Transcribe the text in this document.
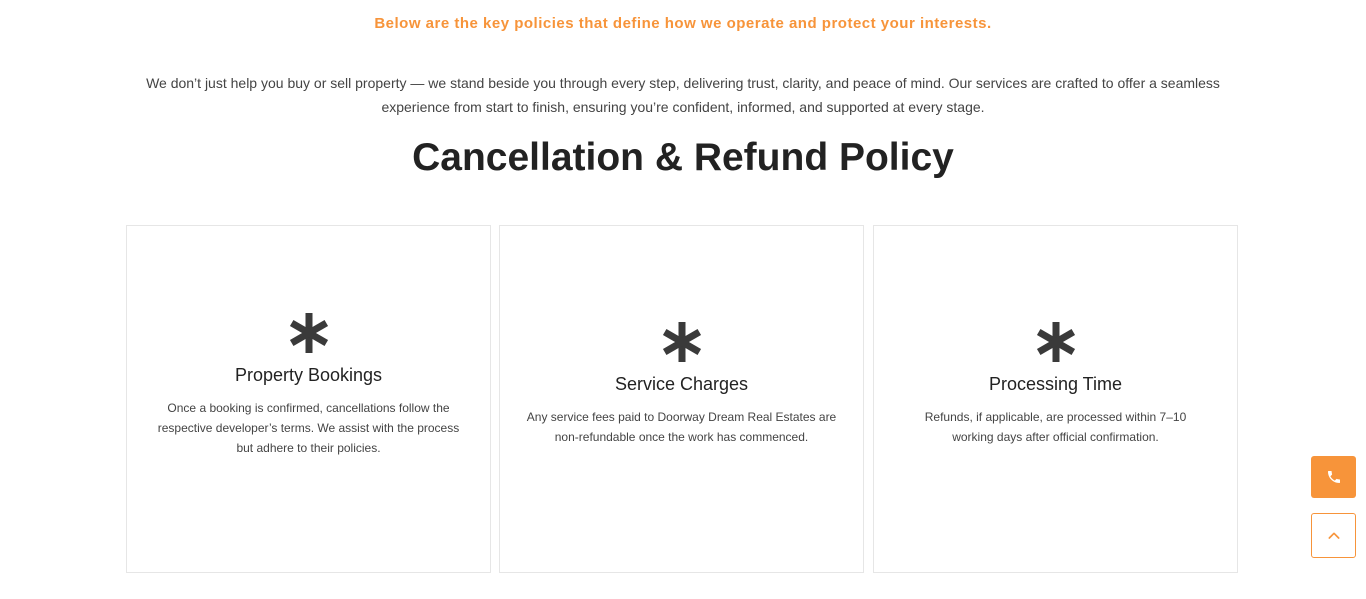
Below are the key policies that define how we operate and protect your interests.
We don’t just help you buy or sell property — we stand beside you through every step, delivering trust, clarity, and peace of mind. Our services are crafted to offer a seamless experience from start to finish, ensuring you’re confident, informed, and supported at every stage.
Cancellation & Refund Policy
Property Bookings

Once a booking is confirmed, cancellations follow the respective developer’s terms. We assist with the process but adhere to their policies.

Service Charges

Any service fees paid to Doorway Dream Real Estates are non-refundable once the work has commenced.

Processing Time

Refunds, if applicable, are processed within 7–10 working days after official confirmation.
